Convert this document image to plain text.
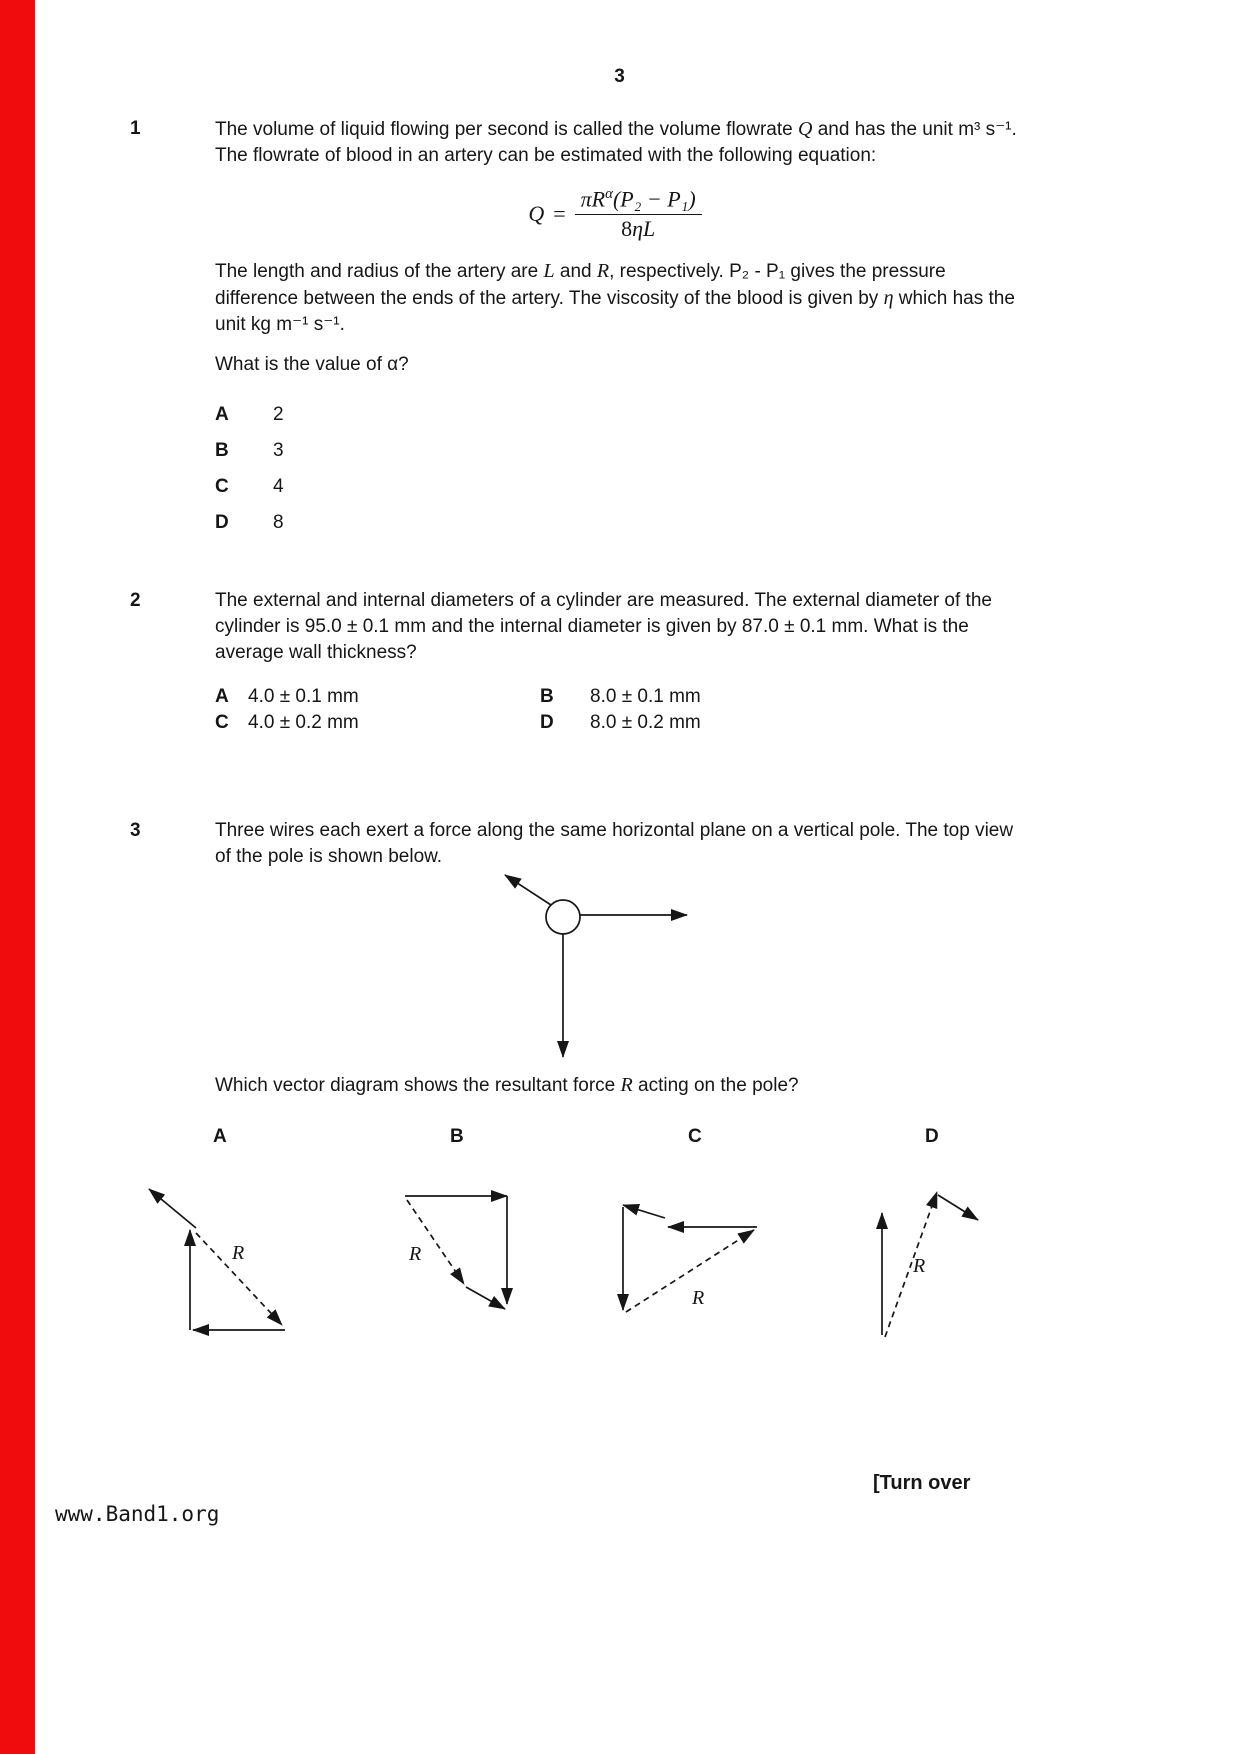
3
1	The volume of liquid flowing per second is called the volume flowrate Q and has the unit m³ s⁻¹. The flowrate of blood in an artery can be estimated with the following equation:
$Q = \frac{\pi R^\alpha(P_2 - P_1)}{8\eta L}$
The length and radius of the artery are L and R, respectively. P₂ - P₁ gives the pressure difference between the ends of the artery. The viscosity of the blood is given by η which has the unit kg m⁻¹ s⁻¹.
What is the value of α?
A	2
B	3
C	4
D	8
2	The external and internal diameters of a cylinder are measured. The external diameter of the cylinder is 95.0 ± 0.1 mm and the internal diameter is given by 87.0 ± 0.1 mm. What is the average wall thickness?
A	4.0 ± 0.1 mm	B	8.0 ± 0.1 mm
C	4.0 ± 0.2 mm	D	8.0 ± 0.2 mm
3	Three wires each exert a force along the same horizontal plane on a vertical pole. The top view of the pole is shown below.
Which vector diagram shows the resultant force R acting on the pole?
A	B	C	D
R	R
R
R
[Turn over
www.Band1.org
